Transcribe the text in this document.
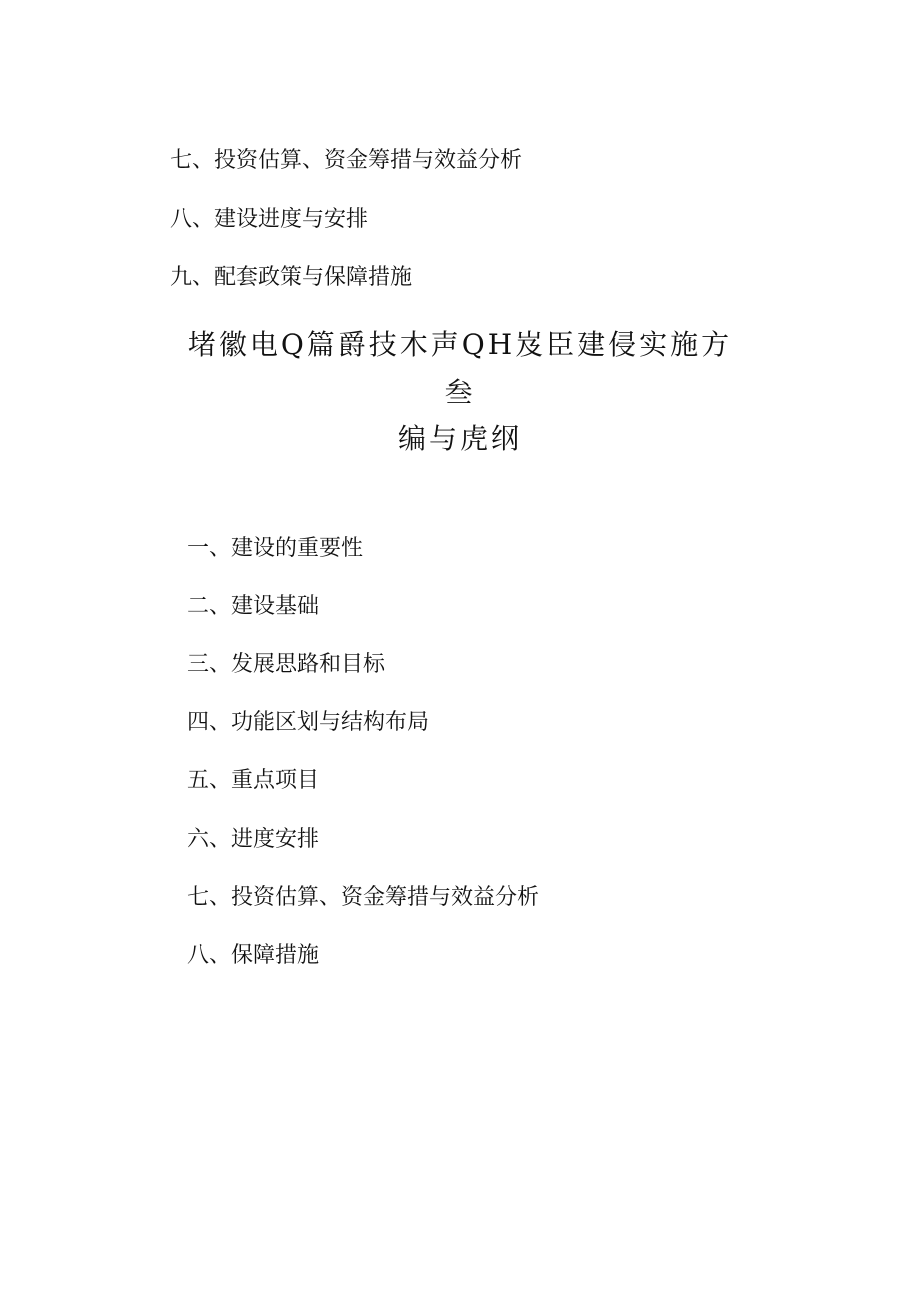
七、投资估算、资金筹措与效益分析
八、建设进度与安排
九、配套政策与保障措施
堵徽电Q篇爵技木声QH岌臣建侵实施方
叁
编与虎纲
一、建设的重要性
二、建设基础
三、发展思路和目标
四、功能区划与结构布局
五、重点项目
六、进度安排
七、投资估算、资金筹措与效益分析
八、保障措施
